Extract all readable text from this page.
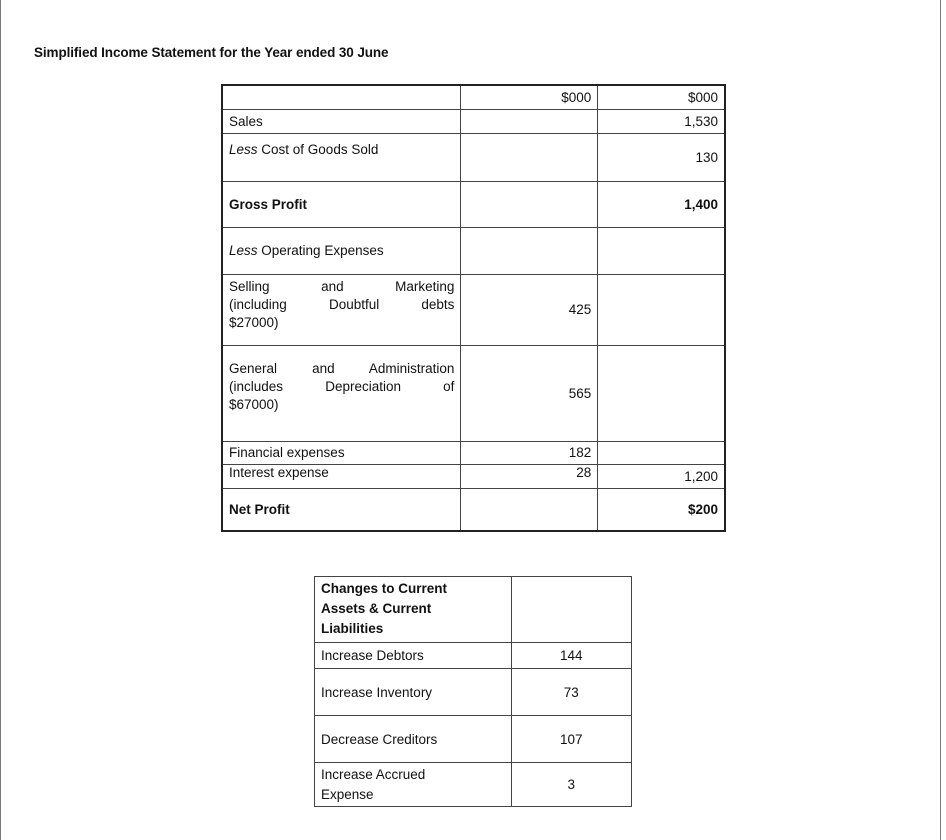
Simplified Income Statement for the Year ended 30 June
	$000	$000
Sales		1,530
Less Cost of Goods Sold		130
Gross Profit		1,400
Less Operating Expenses		

Selling and Marketing
(including Doubtful debts
$27000)	425	

General and Administration
(includes Depreciation of
$67000)	565	
Financial expenses	182	
Interest expense	28	1,200
Net Profit		$200
Changes to Current
Assets & Current
Liabilities	

Increase Debtors	144
Increase Inventory	73
Decrease Creditors	107

Increase Accrued
Expense	3
